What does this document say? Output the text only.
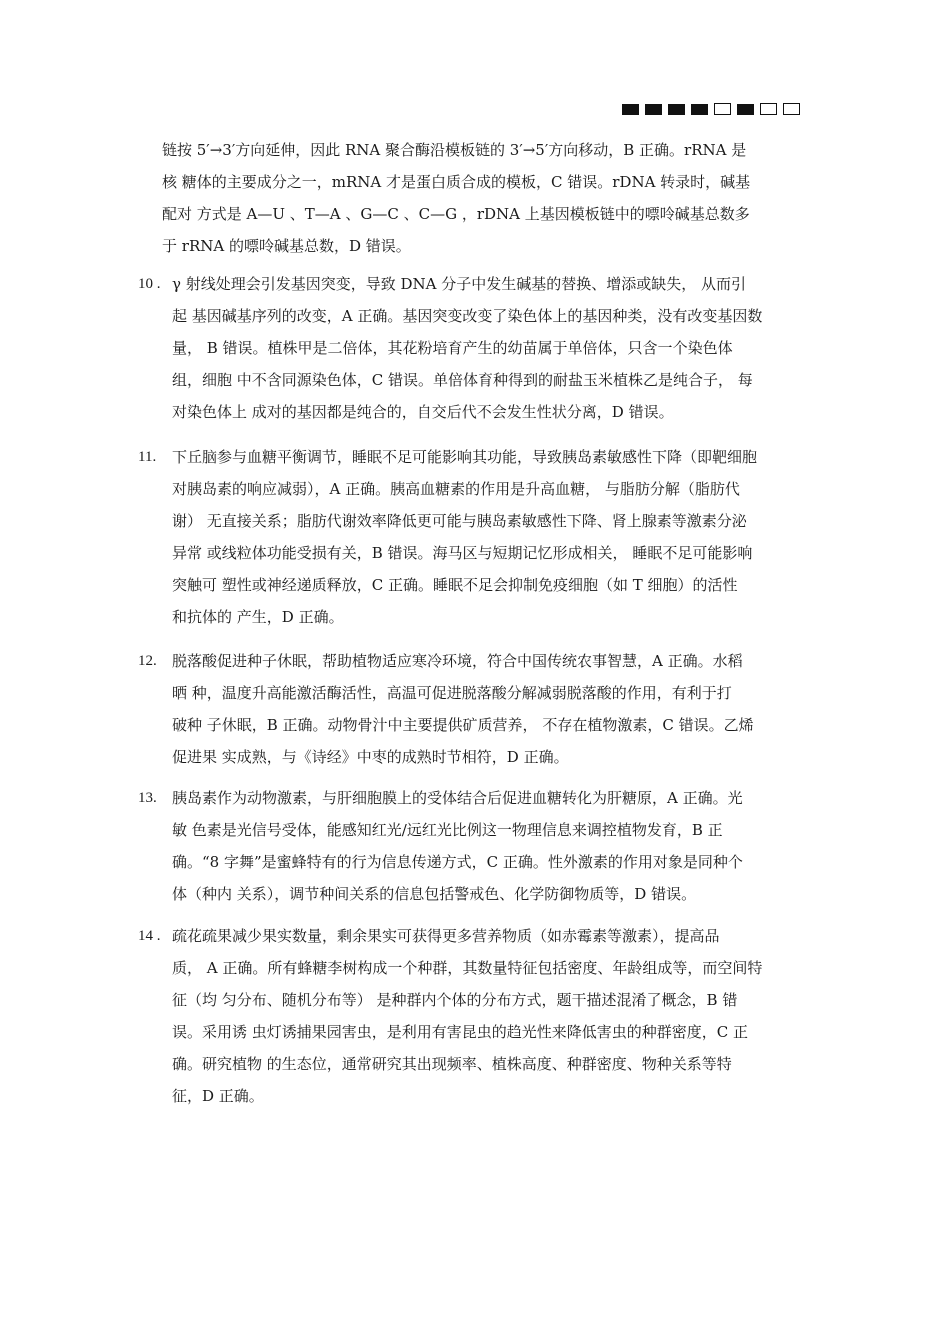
链按 5′→3′方向延伸，因此 RNA 聚合酶沿模板链的 3′→5′方向移动，B 正确。rRNA 是
核 糖体的主要成分之一，mRNA 才是蛋白质合成的模板，C 错误。rDNA 转录时，碱基
配对 方式是 A—U 、T—A 、G—C 、C—G ，rDNA 上基因模板链中的嘌呤碱基总数多
于 rRNA 的嘌呤碱基总数，D 错误。
10 . γ 射线处理会引发基因突变，导致 DNA 分子中发生碱基的替换、增添或缺失， 从而引
起 基因碱基序列的改变，A 正确。基因突变改变了染色体上的基因种类，没有改变基因数
量， B 错误。植株甲是二倍体，其花粉培育产生的幼苗属于单倍体，只含一个染色体
组，细胞 中不含同源染色体，C 错误。单倍体育种得到的耐盐玉米植株乙是纯合子， 每
对染色体上 成对的基因都是纯合的，自交后代不会发生性状分离，D 错误。
11. 下丘脑参与血糖平衡调节，睡眠不足可能影响其功能，导致胰岛素敏感性下降（即靶细胞
对胰岛素的响应减弱），A 正确。胰高血糖素的作用是升高血糖， 与脂肪分解（脂肪代
谢） 无直接关系；脂肪代谢效率降低更可能与胰岛素敏感性下降、肾上腺素等激素分泌
异常 或线粒体功能受损有关，B 错误。海马区与短期记忆形成相关， 睡眠不足可能影响
突触可 塑性或神经递质释放，C 正确。睡眠不足会抑制免疫细胞（如 T 细胞）的活性
和抗体的 产生，D 正确。
12. 脱落酸促进种子休眠，帮助植物适应寒冷环境，符合中国传统农事智慧，A 正确。水稻
晒 种，温度升高能激活酶活性，高温可促进脱落酸分解减弱脱落酸的作用，有利于打
破种 子休眠，B 正确。动物骨汁中主要提供矿质营养， 不存在植物激素，C 错误。乙烯
促进果 实成熟，与《诗经》中枣的成熟时节相符，D 正确。
13. 胰岛素作为动物激素，与肝细胞膜上的受体结合后促进血糖转化为肝糖原，A 正确。光
敏 色素是光信号受体，能感知红光/远红光比例这一物理信息来调控植物发育，B 正
确。“8 字舞”是蜜蜂特有的行为信息传递方式，C 正确。性外激素的作用对象是同种个
体（种内 关系），调节种间关系的信息包括警戒色、化学防御物质等，D 错误。
14 . 疏花疏果减少果实数量，剩余果实可获得更多营养物质（如赤霉素等激素），提高品
质， A 正确。所有蜂糖李树构成一个种群，其数量特征包括密度、年龄组成等，而空间特
征（均 匀分布、随机分布等） 是种群内个体的分布方式，题干描述混淆了概念，B 错
误。采用诱 虫灯诱捕果园害虫，是利用有害昆虫的趋光性来降低害虫的种群密度，C 正
确。研究植物 的生态位，通常研究其出现频率、植株高度、种群密度、物种关系等特
征，D 正确。
